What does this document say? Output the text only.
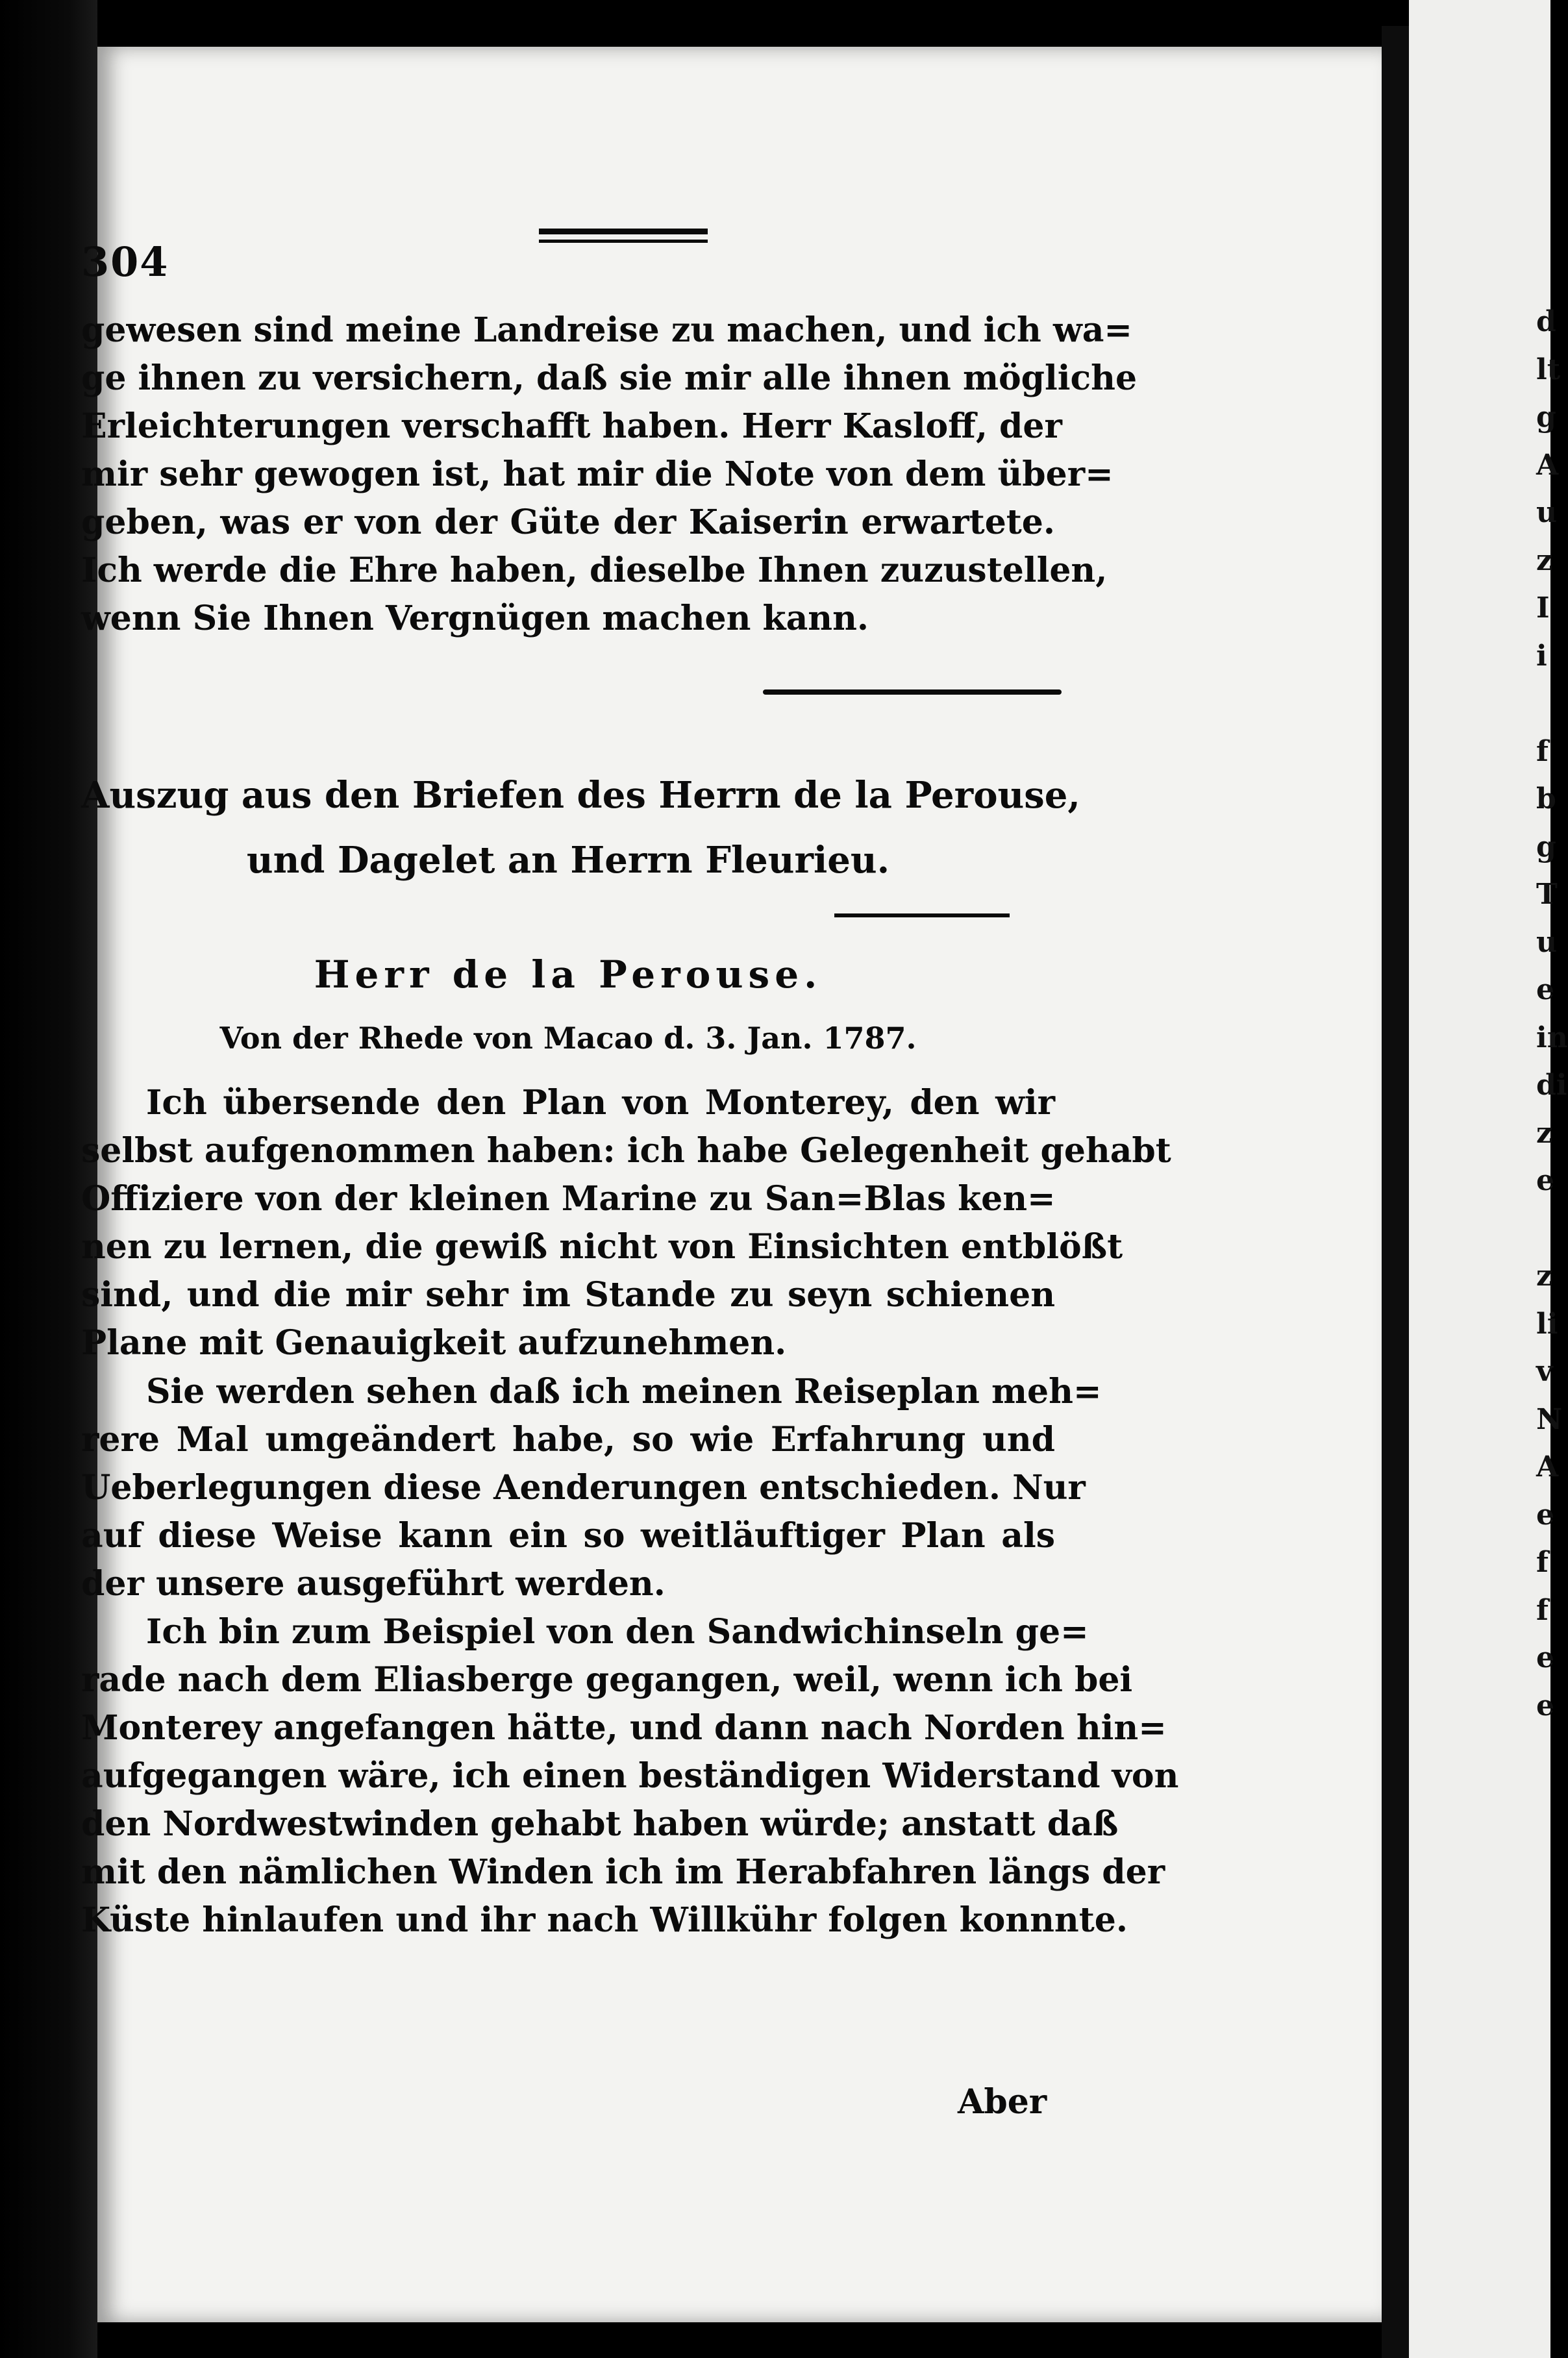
304
gewesen sind meine Landreise zu machen, und ich wa=
ge ihnen zu versichern, daß sie mir alle ihnen mögliche
Erleichterungen verschafft haben. Herr Kasloff, der
mir sehr gewogen ist, hat mir die Note von dem über=
geben, was er von der Güte der Kaiserin erwartete.
Ich werde die Ehre haben, dieselbe Ihnen zuzustellen,
wenn Sie Ihnen Vergnügen machen kann.
Auszug aus den Briefen des Herrn de la Perouse,
und Dagelet an Herrn Fleurieu.
Herr de la Perouse.
Von der Rhede von Macao d. 3. Jan. 1787.
Ich übersende den Plan von Monterey, den wir
selbst aufgenommen haben: ich habe Gelegenheit gehabt
Offiziere von der kleinen Marine zu San=Blas ken=
nen zu lernen, die gewiß nicht von Einsichten entblößt
sind, und die mir sehr im Stande zu seyn schienen
Plane mit Genauigkeit aufzunehmen.
Sie werden sehen daß ich meinen Reiseplan meh=
rere Mal umgeändert habe, so wie Erfahrung und
Ueberlegungen diese Aenderungen entschieden. Nur
auf diese Weise kann ein so weitläuftiger Plan als
der unsere ausgeführt werden.
Ich bin zum Beispiel von den Sandwichinseln ge=
rade nach dem Eliasberge gegangen, weil, wenn ich bei
Monterey angefangen hätte, und dann nach Norden hin=
aufgegangen wäre, ich einen beständigen Widerstand von
den Nordwestwinden gehabt haben würde; anstatt daß
mit den nämlichen Winden ich im Herabfahren längs der
Küste hinlaufen und ihr nach Willkühr folgen konnnte.
Aber
d
lt
g
A
u
z
I
i
f
b
g
T
u
e
in
di
z
e
z
li
v
N
A
e
f
f
e
e
